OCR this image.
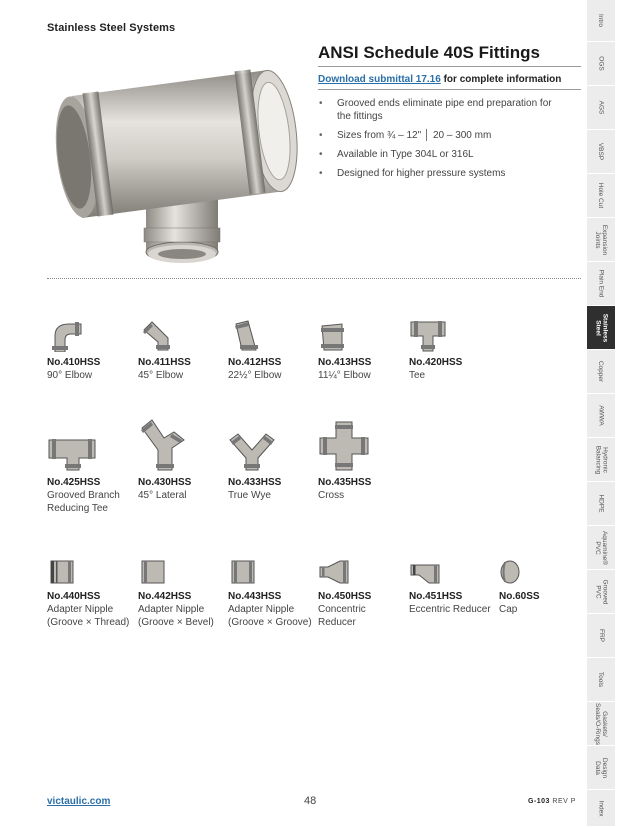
Stainless Steel Systems
ANSI Schedule 40S Fittings
Download submittal 17.16 for complete information
• Grooved ends eliminate pipe end preparation for the fittings
• Sizes from ¾ – 12" │ 20 – 300 mm
• Available in Type 304L or 316L
• Designed for higher pressure systems
No.410HSS
90° Elbow
No.411HSS
45° Elbow
No.412HSS
22½° Elbow
No.413HSS
11¼° Elbow
No.420HSS
Tee
No.425HSS
Grooved Branch Reducing Tee
No.430HSS
45° Lateral
No.433HSS
True Wye
No.435HSS
Cross
No.440HSS
Adapter Nipple (Groove × Thread)
No.442HSS
Adapter Nipple (Groove × Bevel)
No.443HSS
Adapter Nipple (Groove × Groove)
No.450HSS
Concentric Reducer
No.451HSS
Eccentric Reducer
No.60SS
Cap
victaulic.com	48	G-103 REV P
Intro
OGS
AGS
VBSP
Hole Cut
Expansion
Joints
Plain End
Stainless
Steel
Copper
AWWA
Hydronic
Balancing
HDPE
Aquamine®
PVC
Grooved
PVC
FRP
Tools
Gaskets/
Seals/O-Rings
Design
Data
Index
